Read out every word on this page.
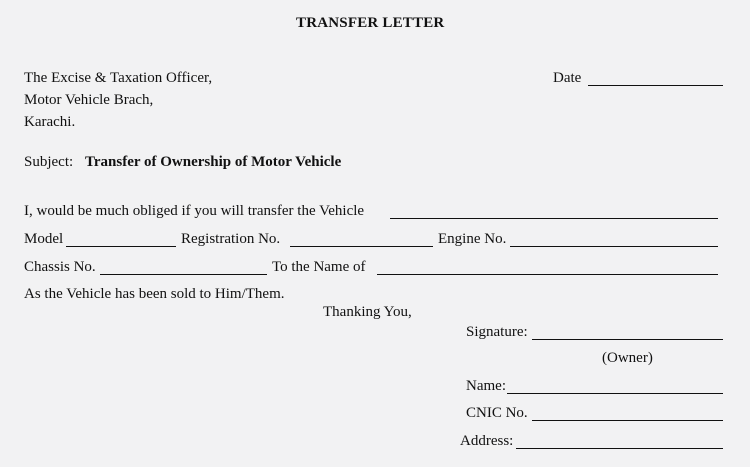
TRANSFER LETTER
The Excise & Taxation Officer,
Motor Vehicle Brach,
Karachi.
Date
Subject: Transfer of Ownership of Motor Vehicle
I, would be much obliged if you will transfer the Vehicle
Model	Registration No.	Engine No.
Chassis No.	To the Name of
As the Vehicle has been sold to Him/Them.
Thanking You,
Signature:
(Owner)
Name:
CNIC No.
Address:
